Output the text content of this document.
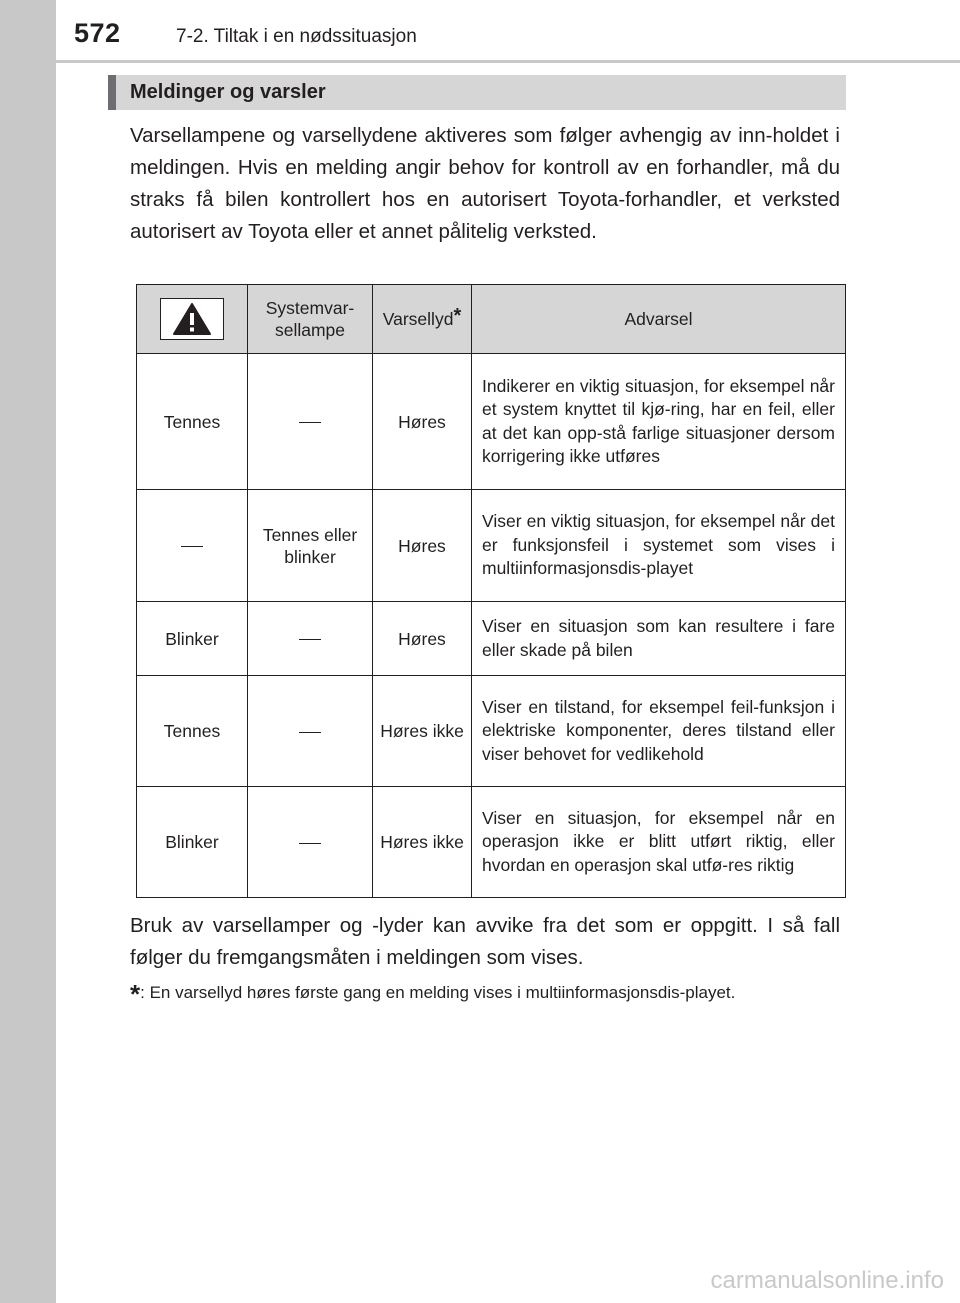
572	7-2. Tiltak i en nødssituasjon
Meldinger og varsler

Varsellampene og varsellydene aktiveres som følger avhengig av inn-holdet i meldingen. Hvis en melding angir behov for kontroll av en forhandler, må du straks få bilen kontrollert hos en autorisert Toyota-forhandler, et verksted autorisert av Toyota eller et annet pålitelig verksted.

	Systemvar-sellampe	Varsellyd*	Advarsel
Tennes		Høres	Indikerer en viktig situasjon, for eksempel når et system knyttet til kjø-ring, har en feil, eller at det kan opp-stå farlige situasjoner dersom korrigering ikke utføres
	Tennes eller blinker	Høres	Viser en viktig situasjon, for eksempel når det er funksjonsfeil i systemet som vises i multiinformasjonsdis-playet
Blinker		Høres	Viser en situasjon som kan resultere i fare eller skade på bilen
Tennes		Høres ikke	Viser en tilstand, for eksempel feil-funksjon i elektriske komponenter, deres tilstand eller viser behovet for vedlikehold
Blinker		Høres ikke	Viser en situasjon, for eksempel når en operasjon ikke er blitt utført riktig, eller hvordan en operasjon skal utfø-res riktig

Bruk av varsellamper og -lyder kan avvike fra det som er oppgitt. I så fall følger du fremgangsmåten i meldingen som vises.

*: En varsellyd høres første gang en melding vises i multiinformasjonsdis-playet.

carmanualsonline.info
